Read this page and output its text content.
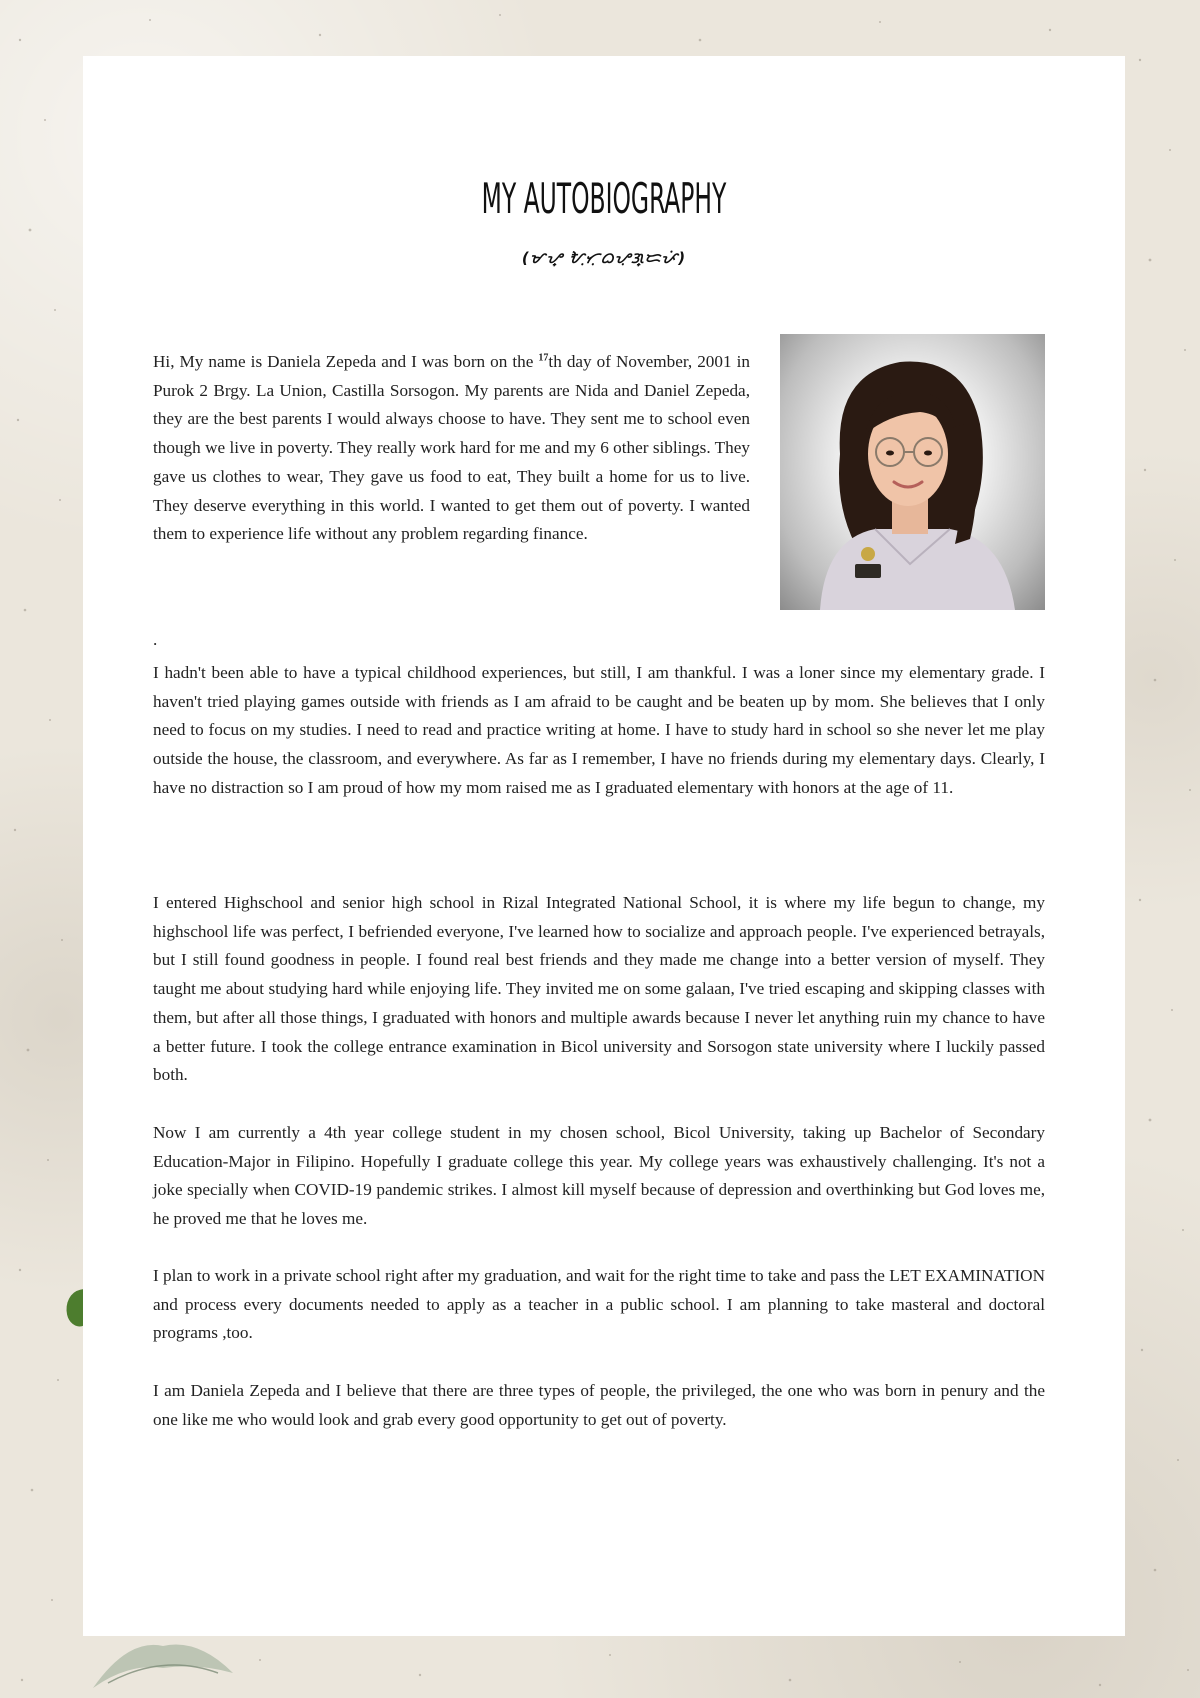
MY AUTOBIOGRAPHY
(ᜋᜌ᜔ ᜀᜓᜆᜓᜊᜌᜓᜄ᜔ᜇᜉᜒ)

Hi, My name is Daniela Zepeda and I was born on the $^{17}$th day of November, 2001 in Purok 2 Brgy. La Union, Castilla Sorsogon. My parents are Nida and Daniel Zepeda, they are the best parents I would always choose to have. They sent me to school even though we live in poverty. They really work hard for me and my 6 other siblings. They gave us clothes to wear, They gave us food to eat, They built a home for us to live. They deserve everything in this world. I wanted to get them out of poverty. I wanted them to experience life without any problem regarding finance.

.

I hadn't been able to have a typical childhood experiences, but still, I am thankful. I was a loner since my elementary grade. I haven't tried playing games outside with friends as I am afraid to be caught and be beaten up by mom. She believes that I only need to focus on my studies. I need to read and practice writing at home. I have to study hard in school so she never let me play outside the house, the classroom, and everywhere. As far as I remember, I have no friends during my elementary days. Clearly, I have no distraction so I am proud of how my mom raised me as I graduated elementary with honors at the age of 11.

I entered Highschool and senior high school in Rizal Integrated National School, it is where my life begun to change, my highschool life was perfect, I befriended everyone, I've learned how to socialize and approach people. I've experienced betrayals, but I still found goodness in people. I found real best friends and they made me change into a better version of myself. They taught me about studying hard while enjoying life. They invited me on some galaan, I've tried escaping and skipping classes with them, but after all those things, I graduated with honors and multiple awards because I never let anything ruin my chance to have a better future. I took the college entrance examination in Bicol university and Sorsogon state university where I luckily passed both.

Now I am currently a 4th year college student in my chosen school, Bicol University, taking up Bachelor of Secondary Education-Major in Filipino. Hopefully I graduate college this year. My college years was exhaustively challenging. It's not a joke specially when COVID-19 pandemic strikes. I almost kill myself because of depression and overthinking but God loves me, he proved me that he loves me.

I plan to work in a private school right after my graduation, and wait for the right time to take and pass the LET EXAMINATION and process every documents needed to apply as a teacher in a public school. I am planning to take masteral and doctoral programs ,too.

I am Daniela Zepeda and I believe that there are three types of people, the privileged, the one who was born in penury and the one like me who would look and grab every good opportunity to get out of poverty.
